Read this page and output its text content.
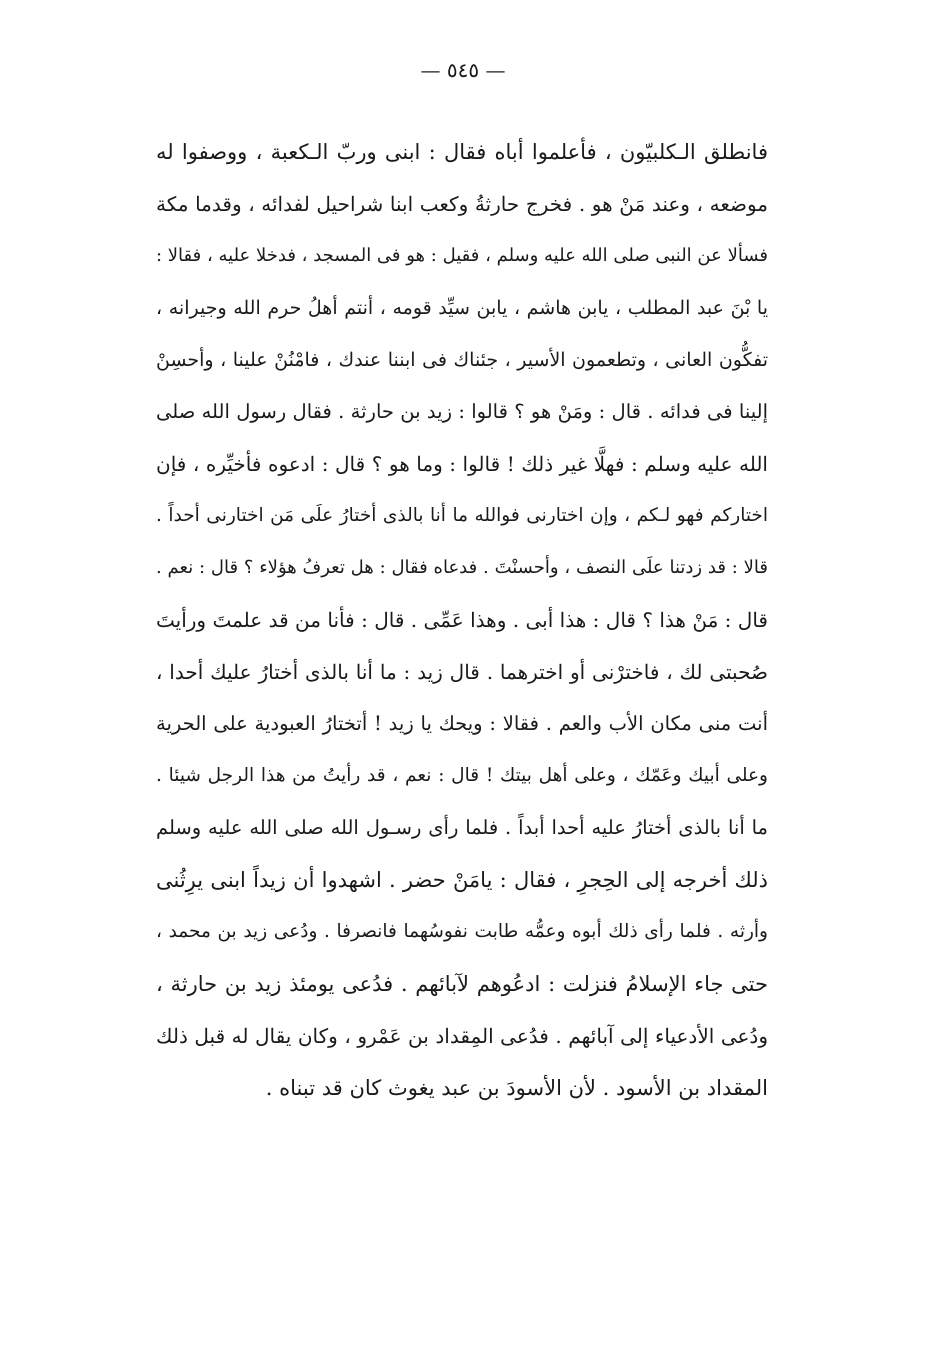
— ٥٤٥ —
فانطلق الـكلبيّون ، فأعلموا أباه فقال : ابنى وربّ الـكعبة ، ووصفوا له
موضعه ، وعند مَنْ هو . فخرج حارثةُ وكعب ابنا شراحيل لفدائه ، وقدما مكة
فسألا عن النبى صلى الله عليه وسلم ، فقيل : هو فى المسجد ، فدخلا عليه ، فقالا :
يا بْنَ عبد المطلب ، يابن هاشم ، يابن سيِّد قومه ، أنتم أهلُ حرم الله وجيرانه ،
تفكُّون العانى ، وتطعمون الأسير ، جئناك فى ابننا عندك ، فامْنُنْ علينا ، وأحسِنْ
إلينا فى فدائه . قال : ومَنْ هو ؟ قالوا : زيد بن حارثة . فقال رسول الله صلى
الله عليه وسلم : فهلَّا غير ذلك ! قالوا : وما هو ؟ قال : ادعوه فأخيِّره ، فإن
اختاركم فهو لـكم ، وإن اختارنى فوالله ما أنا بالذى أختارُ علَى مَن اختارنى أحداً .
قالا : قد زدتنا علَى النصف ، وأحسنْتَ . فدعاه فقال : هل تعرفُ هؤلاء ؟ قال : نعم .
قال : مَنْ هذا ؟ قال : هذا أبى . وهذا عَمِّى . قال : فأنا من قد علمتَ ورأيتَ
صُحبتى لك ، فاخترْنى أو اخترهما . قال زيد : ما أنا بالذى أختارُ عليك أحدا ،
أنت منى مكان الأب والعم . فقالا : ويحك يا زيد ! أتختارُ العبودية على الحرية
وعلى أبيك وعَمّك ، وعلى أهل بيتك ! قال : نعم ، قد رأيتُ من هذا الرجل شيئا .
ما أنا بالذى أختارُ عليه أحدا أبداً . فلما رأى رسـول الله صلى الله عليه وسلم
ذلك أخرجه إلى الحِجرِ ، فقال : يامَنْ حضر . اشهدوا أن زيداً ابنى يرِثُنى
وأرثه . فلما رأى ذلك أبوه وعمُّه طابت نفوسُهما فانصرفا . ودُعى زيد بن محمد ،
حتى جاء الإسلامُ فنزلت : ادعُوهم لآبائهم . فدُعى يومئذ زيد بن حارثة ،
ودُعى الأدعياء إلى آبائهم . فدُعى المِقداد بن عَمْرو ، وكان يقال له قبل ذلك
المقداد بن الأسود . لأن الأسودَ بن عبد يغوث كان قد تبناه .
